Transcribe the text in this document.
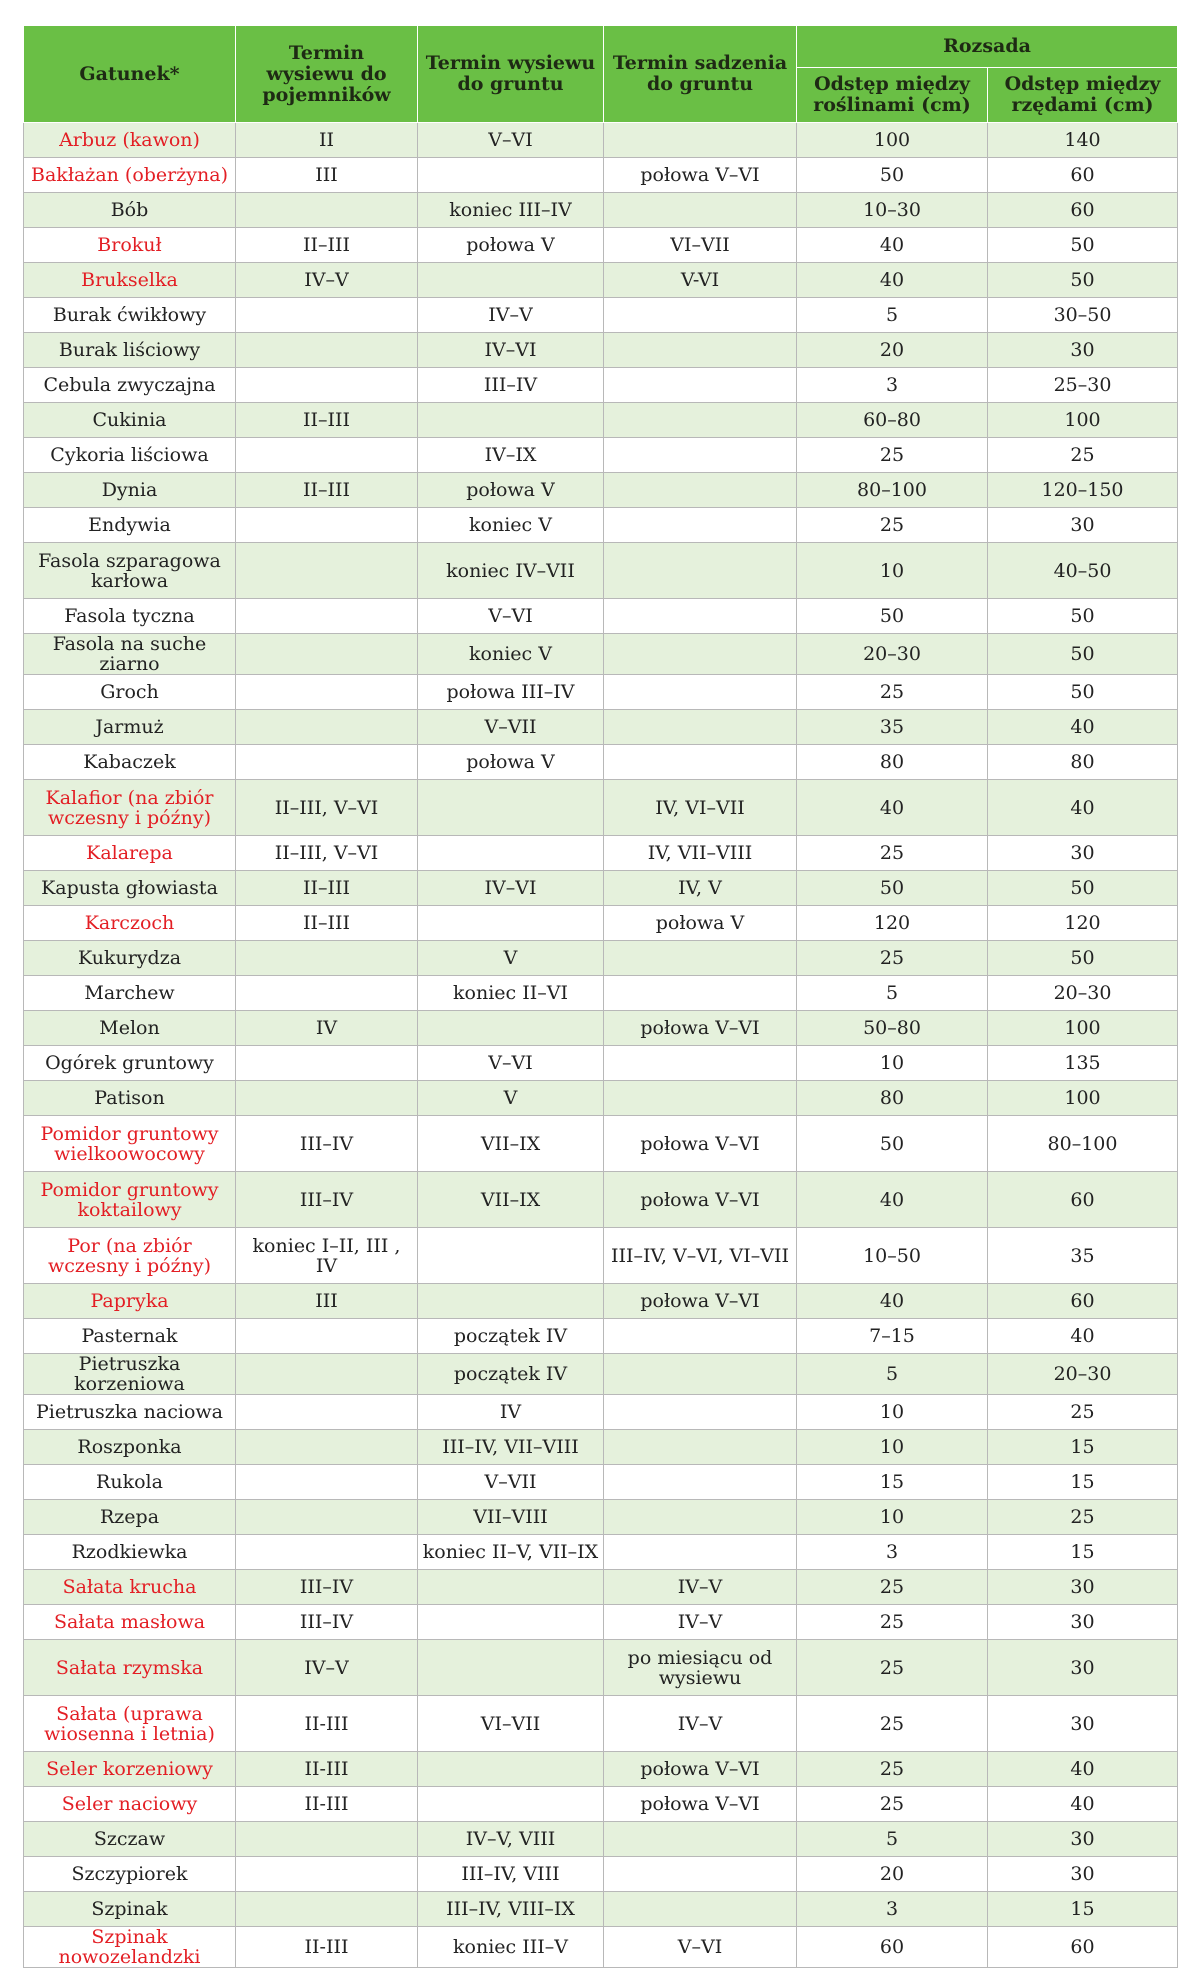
Gatunek*	Termin wysiewu do pojemników	Termin wysiewu do gruntu	Termin sadzenia do gruntu	Rozsada	
				Odstęp między roślinami (cm)	Odstęp między rzędami (cm)
Arbuz (kawon)	II	V–VI		100	140
Bakłażan (oberżyna)	III		połowa V–VI	50	60
Bób		koniec III–IV		10–30	60
Brokuł	II–III	połowa V	VI–VII	40	50
Brukselka	IV–V		V-VI	40	50
Burak ćwikłowy		IV–V		5	30–50
Burak liściowy		IV–VI		20	30
Cebula zwyczajna		III–IV		3	25–30
Cukinia	II–III			60–80	100
Cykoria liściowa		IV–IX		25	25
Dynia	II–III	połowa V		80–100	120–150
Endywia		koniec V		25	30
Fasola szparagowa karłowa		koniec IV–VII		10	40–50
Fasola tyczna		V–VI		50	50
Fasola na suche ziarno		koniec V		20–30	50
Groch		połowa III–IV		25	50
Jarmuż		V–VII		35	40
Kabaczek		połowa V		80	80
Kalafior (na zbiór wczesny i późny)	II–III, V–VI		IV, VI–VII	40	40
Kalarepa	II–III, V–VI		IV, VII–VIII	25	30
Kapusta głowiasta	II–III	IV–VI	IV, V	50	50
Karczoch	II–III		połowa V	120	120
Kukurydza		V		25	50
Marchew		koniec II–VI		5	20–30
Melon	IV		połowa V–VI	50–80	100
Ogórek gruntowy		V–VI		10	135
Patison		V		80	100
Pomidor gruntowy wielkoowocowy	III–IV	VII–IX	połowa V–VI	50	80–100
Pomidor gruntowy koktailowy	III–IV	VII–IX	połowa V–VI	40	60
Por (na zbiór wczesny i późny)	koniec I–II, III , IV		III–IV, V–VI, VI–VII	10–50	35
Papryka	III		połowa V–VI	40	60
Pasternak		początek IV		7–15	40
Pietruszka korzeniowa		początek IV		5	20–30
Pietruszka naciowa		IV		10	25
Roszponka		III–IV, VII–VIII		10	15
Rukola		V–VII		15	15
Rzepa		VII–VIII		10	25
Rzodkiewka		koniec II–V, VII–IX		3	15
Sałata krucha	III–IV		IV–V	25	30
Sałata masłowa	III–IV		IV–V	25	30
Sałata rzymska	IV–V		po miesiącu od wysiewu	25	30
Sałata (uprawa wiosenna i letnia)	II-III	VI–VII	IV–V	25	30
Seler korzeniowy	II-III		połowa V–VI	25	40
Seler naciowy	II-III		połowa V–VI	25	40
Szczaw		IV–V, VIII		5	30
Szczypiorek		III–IV, VIII		20	30
Szpinak		III–IV, VIII–IX		3	15
Szpinak nowozelandzki	II-III	koniec III–V	V–VI	60	60
